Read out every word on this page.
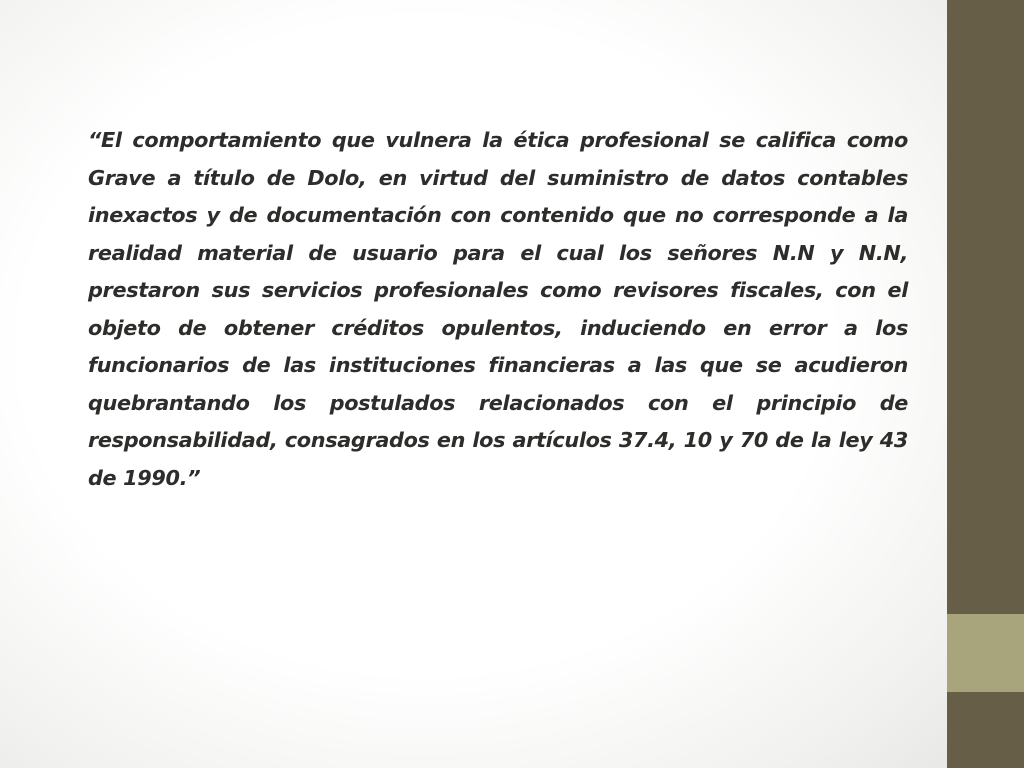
“El comportamiento que vulnera la ética profesional se califica como Grave a título de Dolo, en virtud del suministro de datos contables inexactos y de documentación con contenido que no corresponde a la realidad material de usuario para el cual los señores N.N y N.N, prestaron sus servicios profesionales como revisores fiscales, con el objeto de obtener créditos opulentos, induciendo en error a los funcionarios de las instituciones financieras a las que se acudieron quebrantando los postulados relacionados con el principio de responsabilidad, consagrados en los artículos 37.4, 10 y 70 de la ley 43 de 1990.”
